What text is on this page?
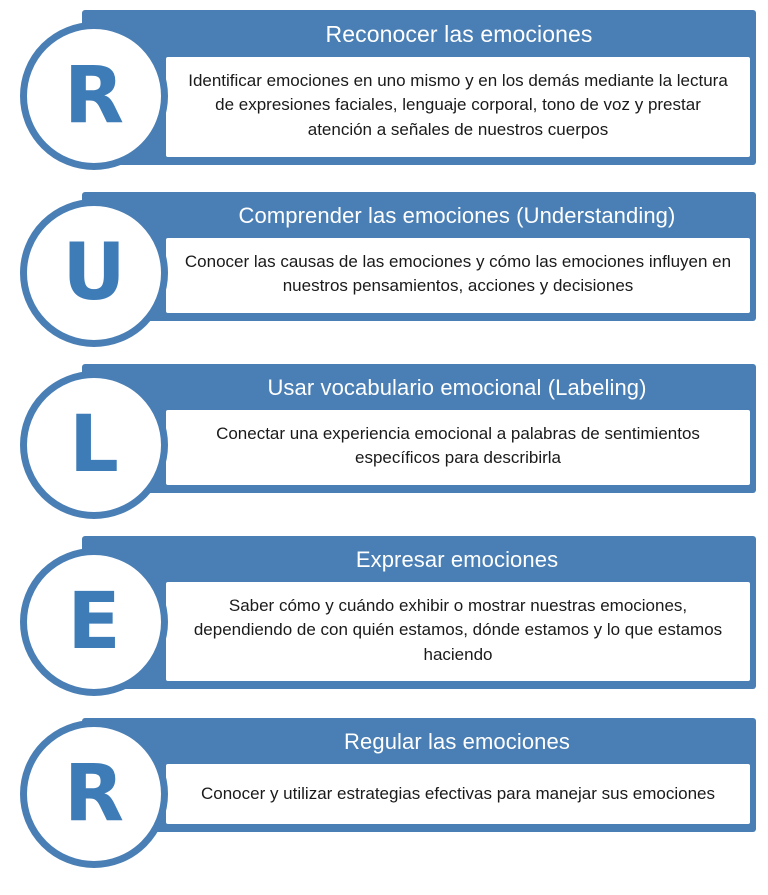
R
Reconocer las emociones
Identificar emociones en uno mismo y en los demás mediante la lectura de expresiones faciales, lenguaje corporal, tono de voz y prestar atención a señales de nuestros cuerpos
U
Comprender las emociones (Understanding)
Conocer las causas de las emociones y cómo las emociones influyen en nuestros pensamientos, acciones y decisiones
L
Usar vocabulario emocional (Labeling)
Conectar una experiencia emocional a palabras de sentimientos específicos para describirla
E
Expresar emociones
Saber cómo y cuándo exhibir o mostrar nuestras emociones, dependiendo de con quién estamos, dónde estamos y lo que estamos haciendo
R
Regular las emociones
Conocer y utilizar estrategias efectivas para manejar sus emociones
